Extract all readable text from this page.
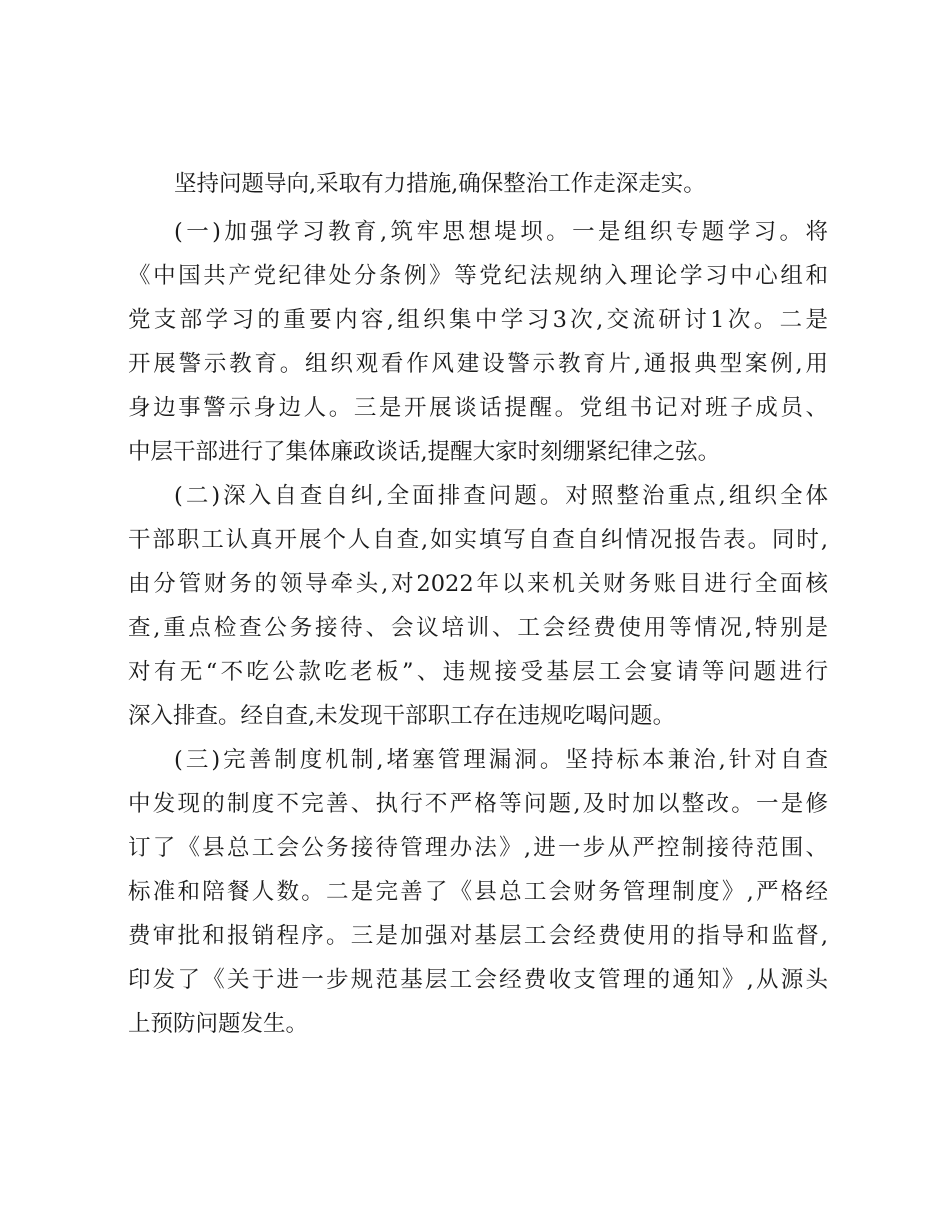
坚持问题导向,采取有力措施,确保整治工作走深走实。
(一)加强学习教育,筑牢思想堤坝。一是组织专题学习。将
《中国共产党纪律处分条例》等党纪法规纳入理论学习中心组和
党支部学习的重要内容,组织集中学习3次,交流研讨1次。二是
开展警示教育。组织观看作风建设警示教育片,通报典型案例,用
身边事警示身边人。三是开展谈话提醒。党组书记对班子成员、
中层干部进行了集体廉政谈话,提醒大家时刻绷紧纪律之弦。
(二)深入自查自纠,全面排查问题。对照整治重点,组织全体
干部职工认真开展个人自查,如实填写自查自纠情况报告表。同时,
由分管财务的领导牵头,对2022年以来机关财务账目进行全面核
查,重点检查公务接待、会议培训、工会经费使用等情况,特别是
对有无“不吃公款吃老板”、违规接受基层工会宴请等问题进行
深入排查。经自查,未发现干部职工存在违规吃喝问题。
(三)完善制度机制,堵塞管理漏洞。坚持标本兼治,针对自查
中发现的制度不完善、执行不严格等问题,及时加以整改。一是修
订了《县总工会公务接待管理办法》,进一步从严控制接待范围、
标准和陪餐人数。二是完善了《县总工会财务管理制度》,严格经
费审批和报销程序。三是加强对基层工会经费使用的指导和监督,
印发了《关于进一步规范基层工会经费收支管理的通知》,从源头
上预防问题发生。
